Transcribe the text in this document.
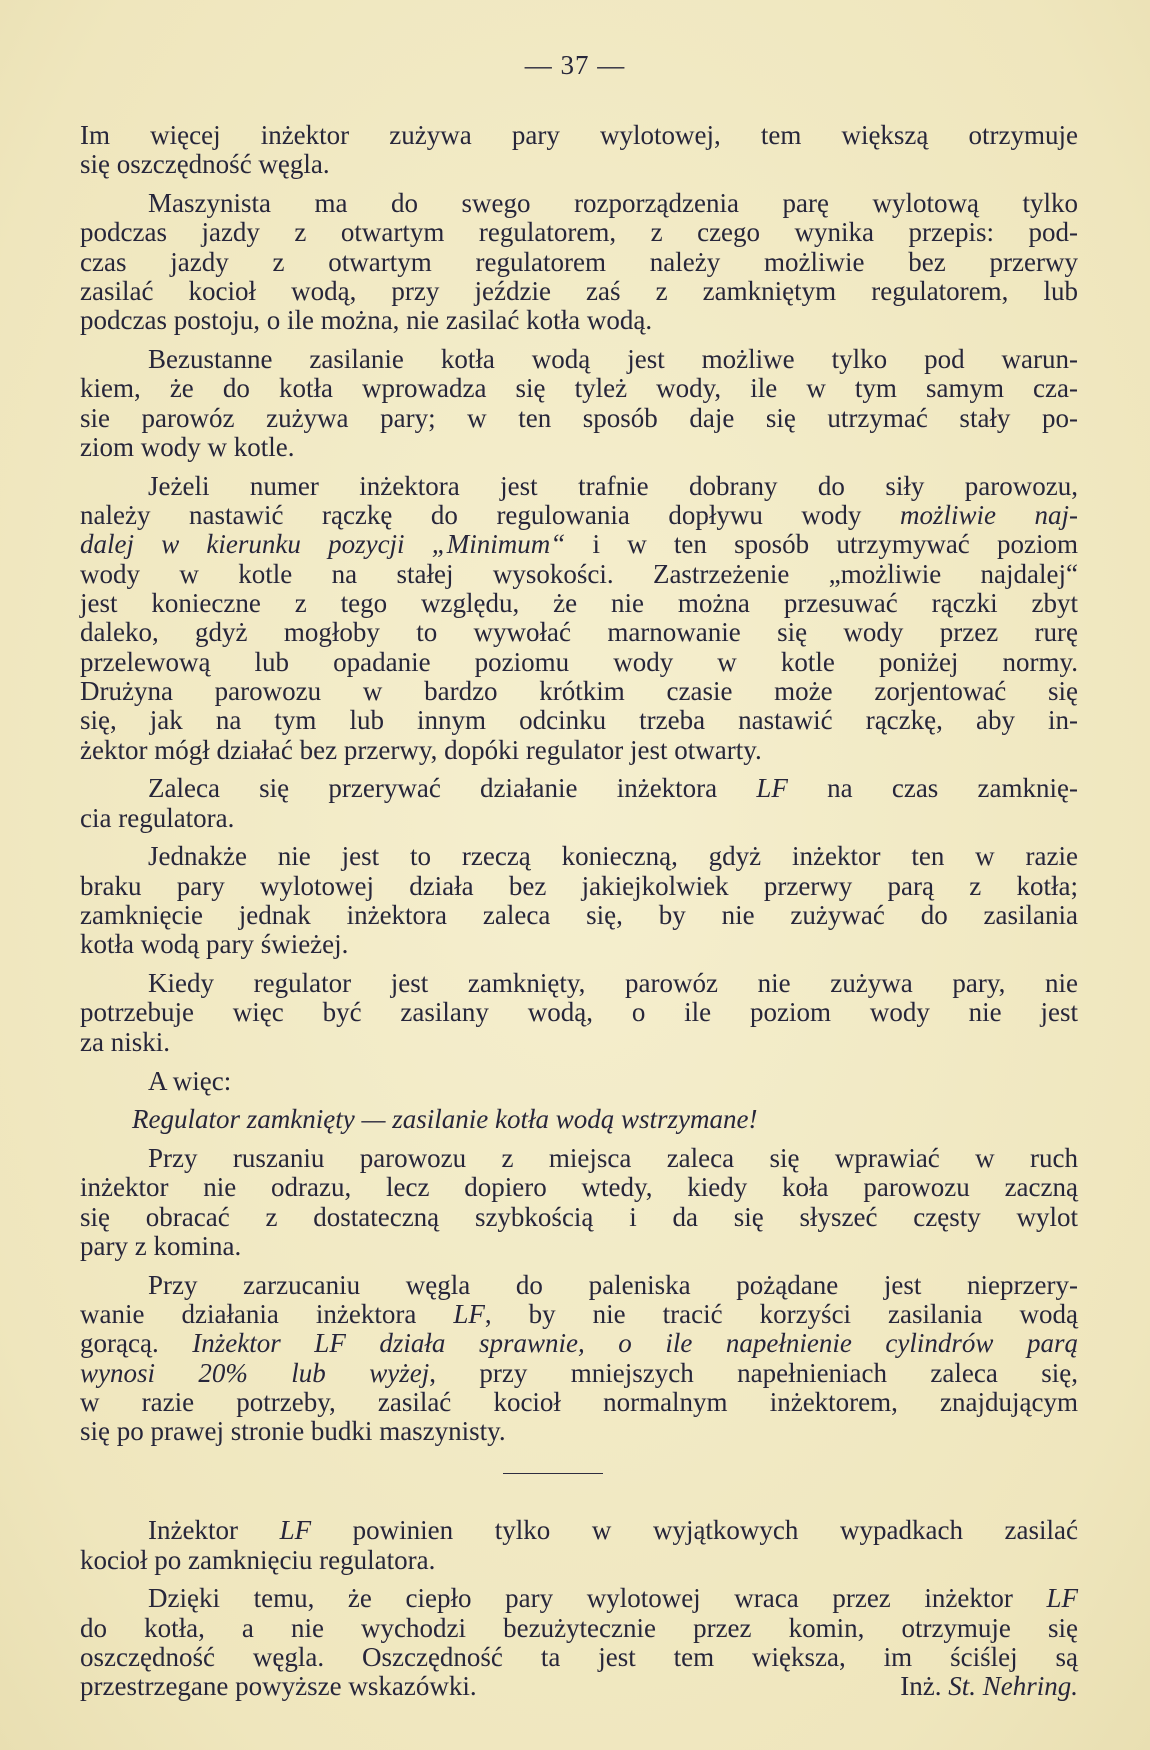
— 37 —
Im więcej inżektor zużywa pary wylotowej, tem większą otrzymuje
się oszczędność węgla.
Maszynista ma do swego rozporządzenia parę wylotową tylko
podczas jazdy z otwartym regulatorem, z czego wynika przepis: pod-
czas jazdy z otwartym regulatorem należy możliwie bez przerwy
zasilać kocioł wodą, przy jeździe zaś z zamkniętym regulatorem, lub
podczas postoju, o ile można, nie zasilać kotła wodą.
Bezustanne zasilanie kotła wodą jest możliwe tylko pod warun-
kiem, że do kotła wprowadza się tyleż wody, ile w tym samym cza-
sie parowóz zużywa pary; w ten sposób daje się utrzymać stały po-
ziom wody w kotle.
Jeżeli numer inżektora jest trafnie dobrany do siły parowozu,
należy nastawić rączkę do regulowania dopływu wody możliwie naj-
dalej w kierunku pozycji „Minimum“ i w ten sposób utrzymywać poziom
wody w kotle na stałej wysokości. Zastrzeżenie „możliwie najdalej“
jest konieczne z tego względu, że nie można przesuwać rączki zbyt
daleko, gdyż mogłoby to wywołać marnowanie się wody przez rurę
przelewową lub opadanie poziomu wody w kotle poniżej normy.
Drużyna parowozu w bardzo krótkim czasie może zorjentować się
się, jak na tym lub innym odcinku trzeba nastawić rączkę, aby in-
żektor mógł działać bez przerwy, dopóki regulator jest otwarty.
Zaleca się przerywać działanie inżektora LF na czas zamknię-
cia regulatora.
Jednakże nie jest to rzeczą konieczną, gdyż inżektor ten w razie
braku pary wylotowej działa bez jakiejkolwiek przerwy parą z kotła;
zamknięcie jednak inżektora zaleca się, by nie zużywać do zasilania
kotła wodą pary świeżej.
Kiedy regulator jest zamknięty, parowóz nie zużywa pary, nie
potrzebuje więc być zasilany wodą, o ile poziom wody nie jest
za niski.
A więc:
Regulator zamknięty — zasilanie kotła wodą wstrzymane!
Przy ruszaniu parowozu z miejsca zaleca się wprawiać w ruch
inżektor nie odrazu, lecz dopiero wtedy, kiedy koła parowozu zaczną
się obracać z dostateczną szybkością i da się słyszeć częsty wylot
pary z komina.
Przy zarzucaniu węgla do paleniska pożądane jest nieprzery-
wanie działania inżektora LF, by nie tracić korzyści zasilania wodą
gorącą. Inżektor LF działa sprawnie, o ile napełnienie cylindrów parą
wynosi 20% lub wyżej, przy mniejszych napełnieniach zaleca się,
w razie potrzeby, zasilać kocioł normalnym inżektorem, znajdującym
się po prawej stronie budki maszynisty.
Inżektor LF powinien tylko w wyjątkowych wypadkach zasilać
kocioł po zamknięciu regulatora.
Dzięki temu, że ciepło pary wylotowej wraca przez inżektor LF
do kotła, a nie wychodzi bezużytecznie przez komin, otrzymuje się
oszczędność węgla. Oszczędność ta jest tem większa, im ściślej są
przestrzegane powyższe wskazówki.	Inż. St. Nehring.
